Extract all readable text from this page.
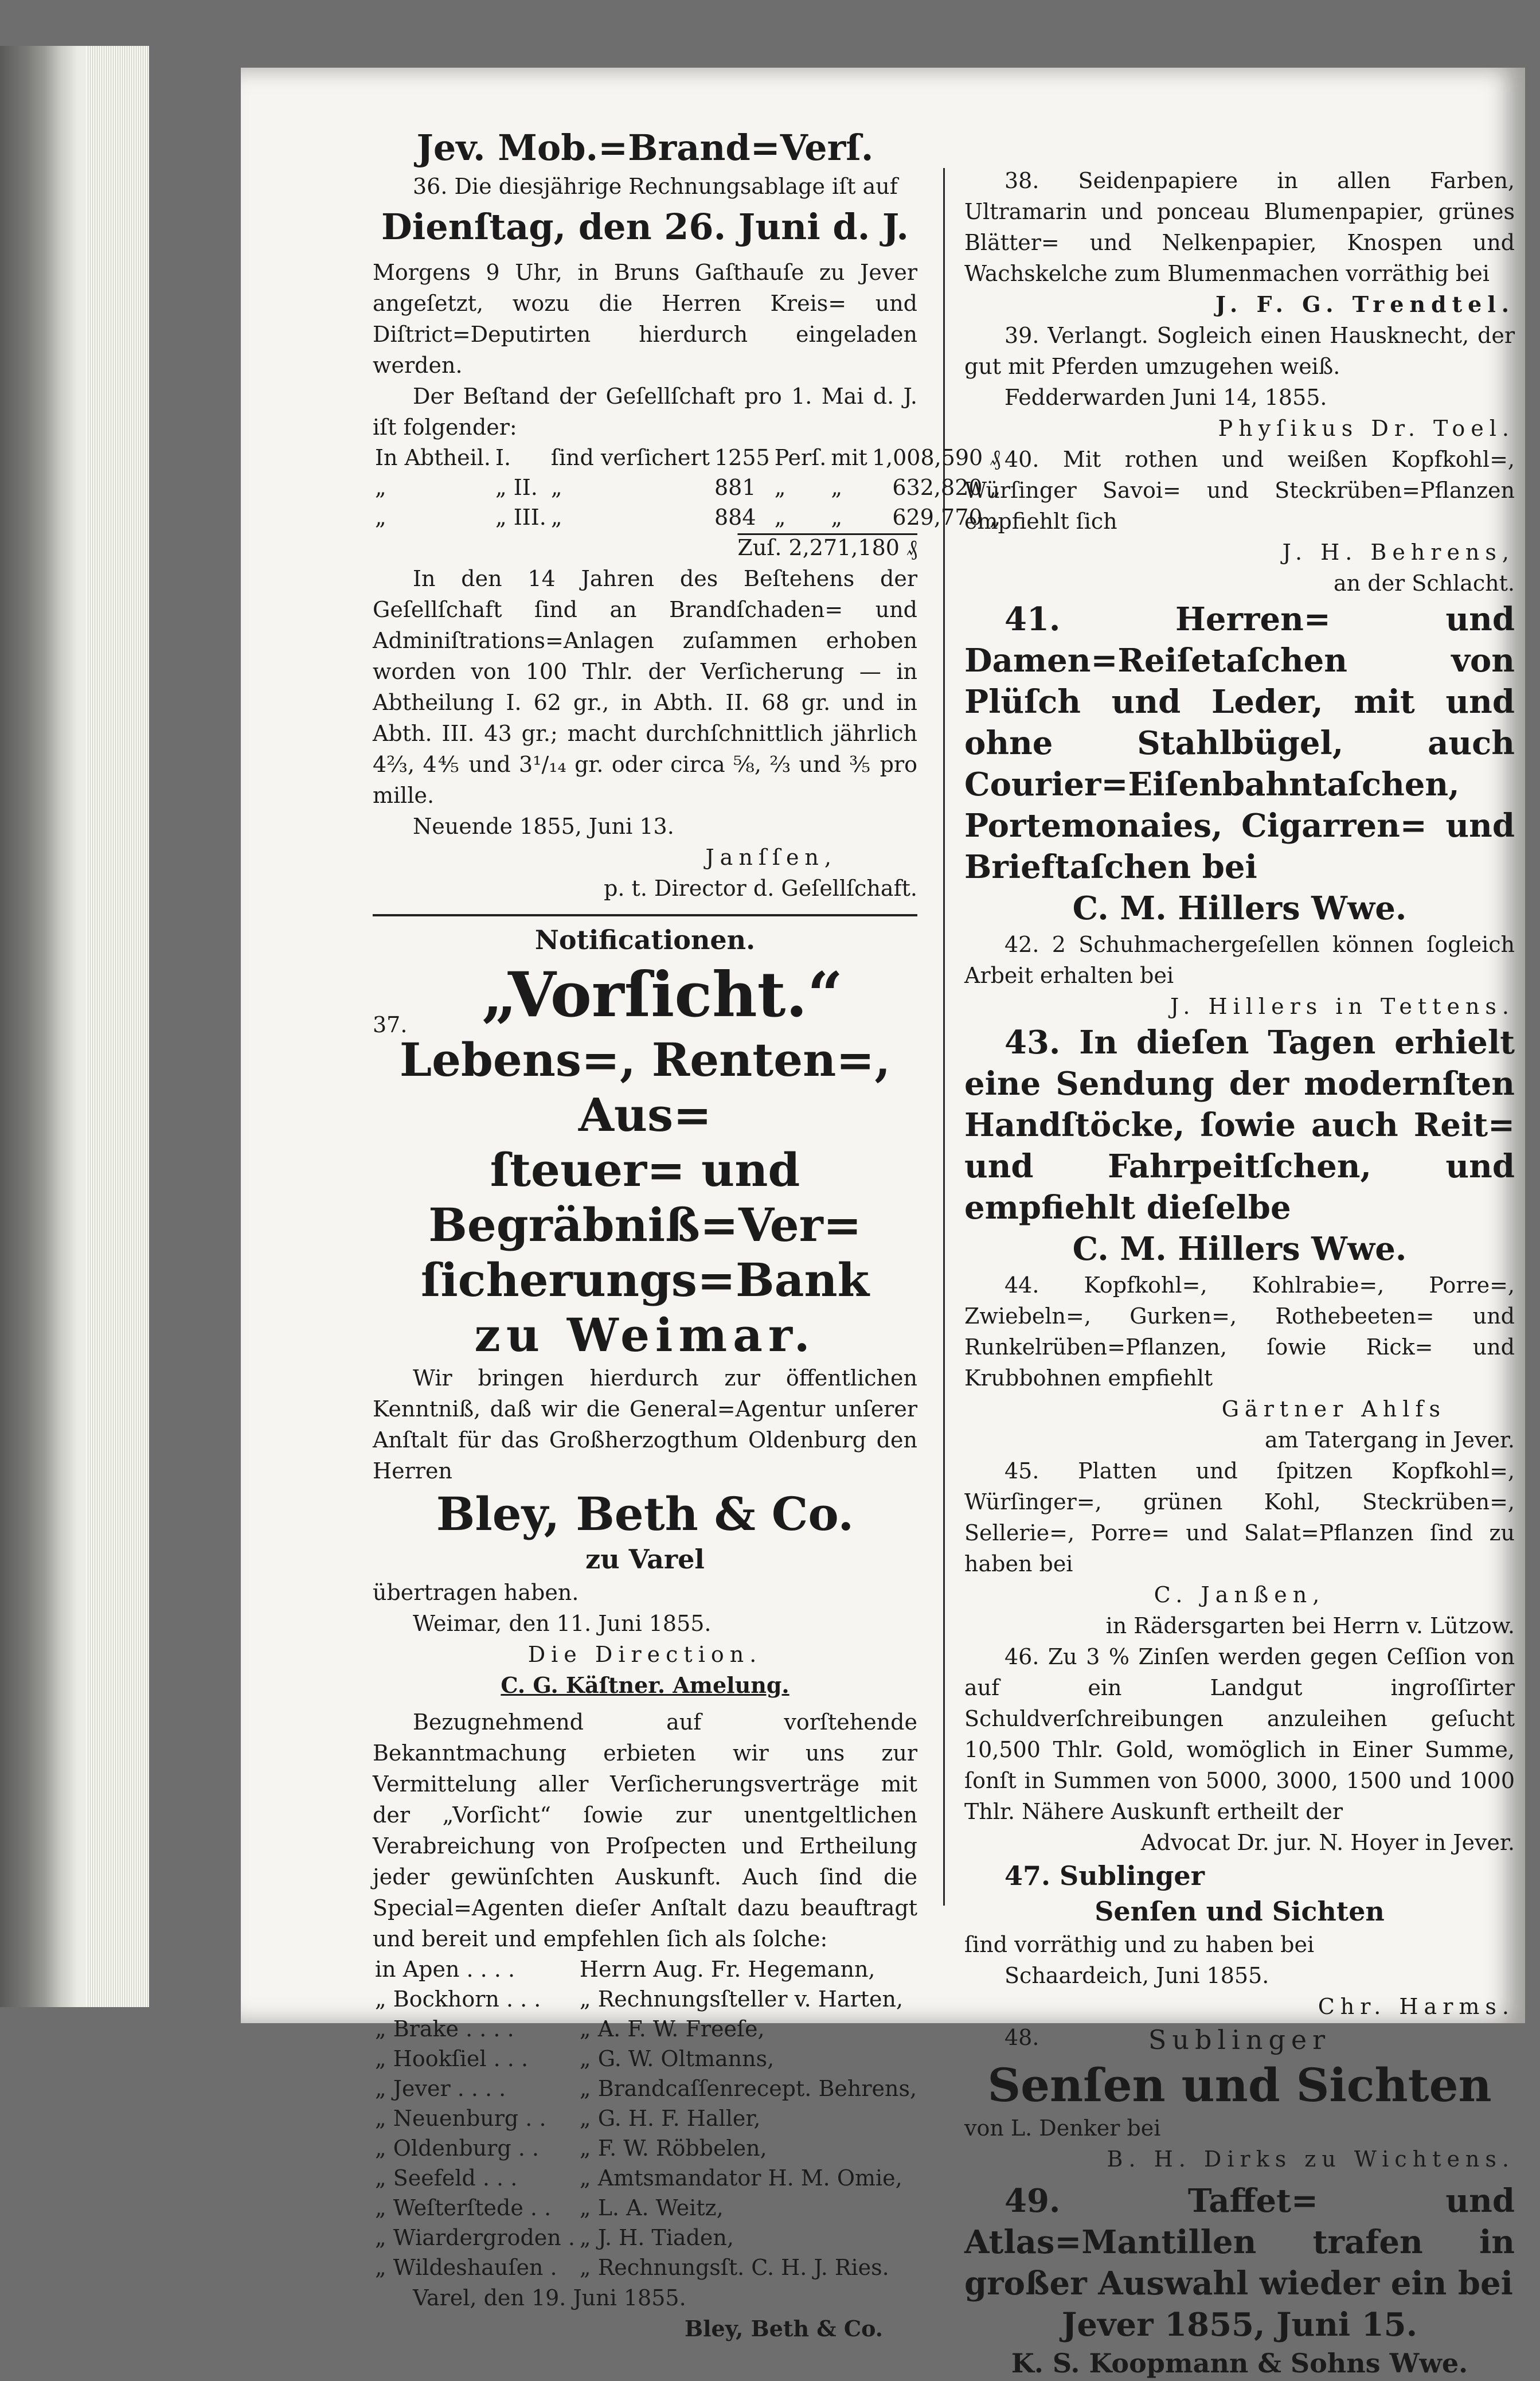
Jev. Mob.=Brand=Verſ.
36. Die diesjährige Rechnungsablage iſt auf
Dienſtag, den 26. Juni d. J.
Morgens 9 Uhr, in Bruns Gaſthauſe zu Jever angeſetzt, wozu die Herren Kreis= und Diſtrict=Deputirten hierdurch eingeladen werden.
Der Beſtand der Geſellſchaft pro 1. Mai d. J. iſt folgender:
In Abtheil.	I.	ſind verſichert	1255	Perſ.	mit	1,008,590 ₰
„	„ II.	„	881	„	„	632,820 „
„	„ III.	„	884	„	„	629,770 „
Zuſ. 2,271,180 ₰
In den 14 Jahren des Beſtehens der Geſellſchaft ſind an Brandſchaden= und Adminiſtrations=Anlagen zuſammen erhoben worden von 100 Thlr. der Verſicherung — in Abtheilung I. 62 gr., in Abth. II. 68 gr. und in Abth. III. 43 gr.; macht durchſchnittlich jährlich 4⅔, 4⅘ und 3¹/₁₄ gr. oder circa ⅝, ⅔ und ⅗ pro mille.
Neuende 1855, Juni 13.
Janſſen,
p. t. Director d. Geſellſchaft.
Notificationen.
37.	„Vorſicht.“
Lebens=, Renten=, Aus=
ſteuer= und Begräbniß=Ver=
ſicherungs=Bank
zu Weimar.
Wir bringen hierdurch zur öffentlichen Kenntniß, daß wir die General=Agentur unſerer Anſtalt für das Großherzogthum Oldenburg den Herren
Bley, Beth & Co.
zu Varel
übertragen haben.
Weimar, den 11. Juni 1855.
Die Direction.
C. G. Käſtner. Amelung.
Bezugnehmend auf vorſtehende Bekanntmachung erbieten wir uns zur Vermittelung aller Verſicherungsverträge mit der „Vorſicht“ ſowie zur unentgeltlichen Verabreichung von Proſpecten und Ertheilung jeder gewünſchten Auskunft. Auch ſind die Special=Agenten dieſer Anſtalt dazu beauftragt und bereit und empfehlen ſich als ſolche:
in Apen . . . .	Herrn Aug. Fr. Hegemann,
„ Bockhorn . . .	„ Rechnungsſteller v. Harten,
„ Brake . . . .	„ A. F. W. Freeſe,
„ Hookſiel . . .	„ G. W. Oltmanns,
„ Jever . . . .	„ Brandcaſſenrecept. Behrens,
„ Neuenburg . .	„ G. H. F. Haller,
„ Oldenburg . .	„ F. W. Röbbelen,
„ Seefeld . . .	„ Amtsmandator H. M. Omie,
„ Weſterſtede . .	„ L. A. Weitz,
„ Wiardergroden .	„ J. H. Tiaden,
„ Wildeshauſen .	„ Rechnungsſt. C. H. J. Ries.
Varel, den 19. Juni 1855.
Bley, Beth & Co.
38. Seidenpapiere in allen Farben, Ultramarin und ponceau Blumenpapier, grünes Blätter= und Nelkenpapier, Knospen und Wachskelche zum Blumenmachen vorräthig bei
J. F. G. Trendtel.
39. Verlangt. Sogleich einen Hausknecht, der gut mit Pferden umzugehen weiß.
Fedderwarden Juni 14, 1855.
Phyſikus Dr. Toel.
40. Mit rothen und weißen Kopfkohl=, Würſinger Savoi= und Steckrüben=Pflanzen empfiehlt ſich
J. H. Behrens,
an der Schlacht.
41. Herren= und Damen=Reiſetaſchen von Plüſch und Leder, mit und ohne Stahlbügel, auch Courier=Eiſenbahntaſchen, Portemonaies, Cigarren= und Brieftaſchen bei
C. M. Hillers Wwe.
42. 2 Schuhmachergeſellen können ſogleich Arbeit erhalten bei
J. Hillers in Tettens.
43. In dieſen Tagen erhielt eine Sendung der modernſten Handſtöcke, ſowie auch Reit= und Fahrpeitſchen, und empfiehlt dieſelbe
C. M. Hillers Wwe.
44. Kopfkohl=, Kohlrabie=, Porre=, Zwiebeln=, Gurken=, Rothebeeten= und Runkelrüben=Pflanzen, ſowie Rick= und Krubbohnen empfiehlt
Gärtner Ahlfs
am Tatergang in Jever.
45. Platten und ſpitzen Kopfkohl=, Würſinger=, grünen Kohl, Steckrüben=, Sellerie=, Porre= und Salat=Pflanzen ſind zu haben bei
C. Janßen,
in Rädersgarten bei Herrn v. Lützow.
46. Zu 3 % Zinſen werden gegen Ceſſion von auf ein Landgut ingroſſirter Schuldverſchreibungen anzuleihen geſucht 10,500 Thlr. Gold, womöglich in Einer Summe, ſonſt in Summen von 5000, 3000, 1500 und 1000 Thlr. Nähere Auskunft ertheilt der
Advocat Dr. jur. N. Hoyer in Jever.
47. Sublinger
Senſen und Sichten
ſind vorräthig und zu haben bei
Schaardeich, Juni 1855.
Chr. Harms.
48.	Sublinger
Senſen und Sichten
von L. Denker bei
B. H. Dirks zu Wichtens.
49. Taffet= und Atlas=Mantillen trafen in großer Auswahl wieder ein bei
Jever 1855, Juni 15.
K. S. Koopmann & Sohns Wwe.
